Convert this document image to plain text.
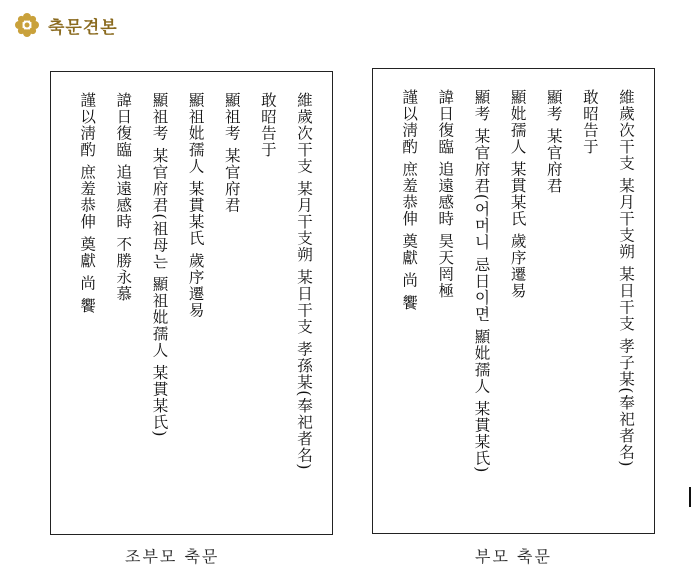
축문견본
維歲次干支 某月干支朔 某日干支 孝孫某(奉祀者名)
敢昭告于
顯祖考 某官府君
顯祖妣孺人 某貫某氏 歲序遷易
顯祖考 某官府君(祖母는 顯祖妣孺人 某貫某氏)
諱日復臨 追遠感時 不勝永慕
謹以淸酌 庶羞恭伸 奠獻 尚 饗
조부모 축문
維歲次干支 某月干支朔 某日干支 孝子某(奉祀者名)
敢昭告于
顯考 某官府君
顯妣孺人 某貫某氏 歲序遷易
顯考 某官府君(어머니 忌日이면 顯妣孺人 某貫某氏)
諱日復臨 追遠感時 昊天罔極
謹以淸酌 庶羞恭伸 奠獻 尚 饗
부모 축문
